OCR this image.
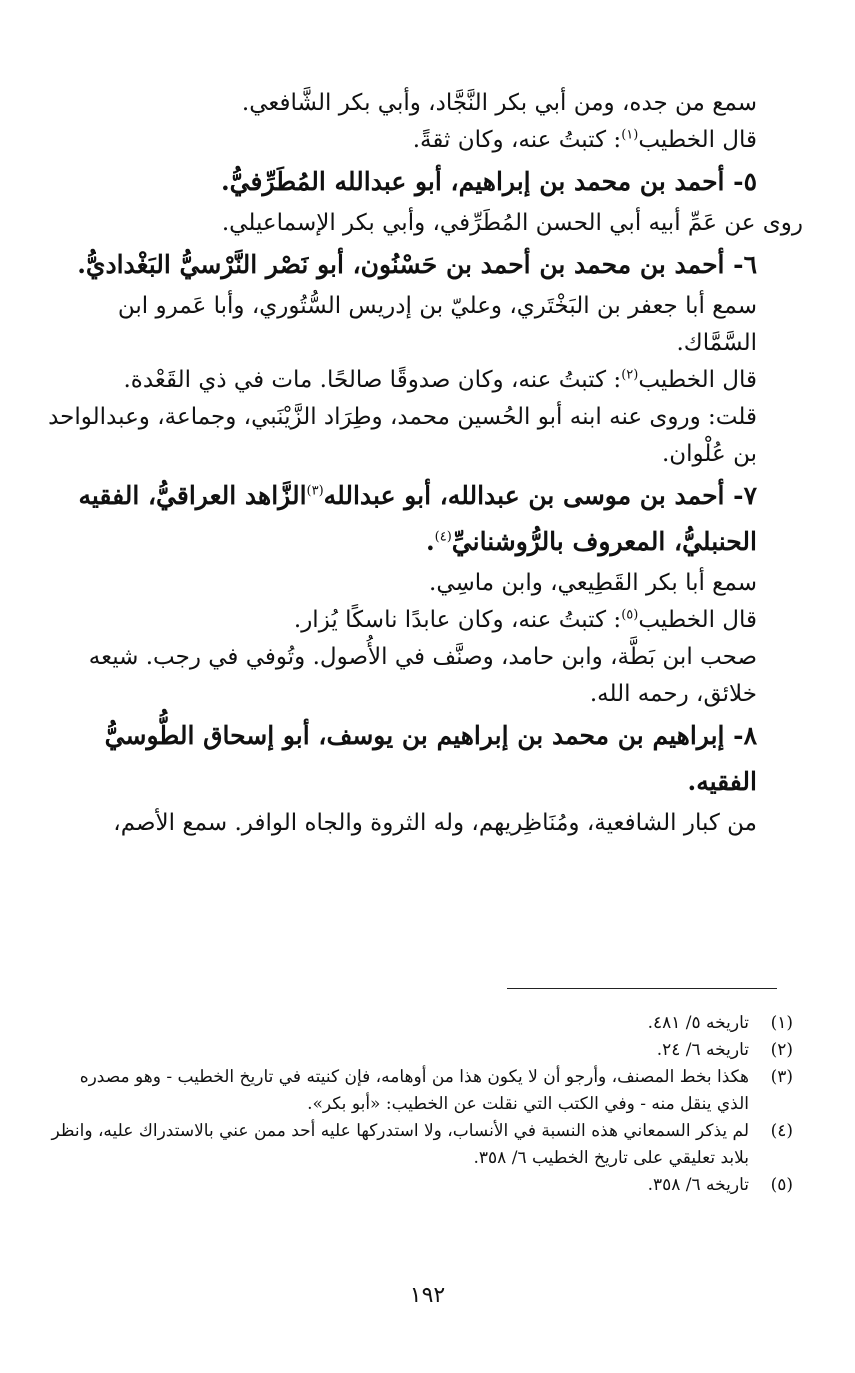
سمع من جده، ومن أبي بكر النَّجَّاد، وأبي بكر الشَّافعي.

قال الخطيب$^{(١)}$: كتبتُ عنه، وكان ثقةً.

٥- أحمد بن محمد بن إبراهيم، أبو عبدالله المُطَرِّفيُّ.

روى عن عَمِّ أبيه أبي الحسن المُطَرِّفي، وأبي بكر الإسماعيلي.

٦- أحمد بن محمد بن أحمد بن حَسْنُون، أبو نَصْر النَّرْسيُّ البَغْداديُّ.

سمع أبا جعفر بن البَخْتَري، وعليّ بن إدريس السُّتُوري، وأبا عَمرو ابن السَّمَّاك.

قال الخطيب$^{(٢)}$: كتبتُ عنه، وكان صدوقًا صالحًا. مات في ذي القَعْدة.

قلت: وروى عنه ابنه أبو الحُسين محمد، وطِرَاد الزَّيْنَبي، وجماعة، وعبدالواحد بن عُلْوان.

٧- أحمد بن موسى بن عبدالله، أبو عبدالله$^{(٣)}$الزَّاهد العراقيُّ، الفقيه الحنبليُّ، المعروف بالرُّوشنانيِّ$^{(٤)}$.

سمع أبا بكر القَطِيعي، وابن ماسِي.

قال الخطيب$^{(٥)}$: كتبتُ عنه، وكان عابدًا ناسكًا يُزار.

صحب ابن بَطَّة، وابن حامد، وصنَّف في الأُصول. وتُوفي في رجب. شيعه خلائق، رحمه الله.

٨- إبراهيم بن محمد بن إبراهيم بن يوسف، أبو إسحاق الطُّوسيُّ الفقيه.

من كبار الشافعية، ومُنَاظِريهم، وله الثروة والجاه الوافر. سمع الأصم،

(١)
تاريخه ٥/ ٤٨١.
(٢)
تاريخه ٦/ ٢٤.
(٣)
هكذا بخط المصنف، وأرجو أن لا يكون هذا من أوهامه، فإن كنيته في تاريخ الخطيب - وهو مصدره الذي ينقل منه - وفي الكتب التي نقلت عن الخطيب: «أبو بكر».
(٤)
لم يذكر السمعاني هذه النسبة في الأنساب، ولا استدركها عليه أحد ممن عني بالاستدراك عليه، وانظر بلابد تعليقي على تاريخ الخطيب ٦/ ٣٥٨.
(٥)
تاريخه ٦/ ٣٥٨.
١٩٢
